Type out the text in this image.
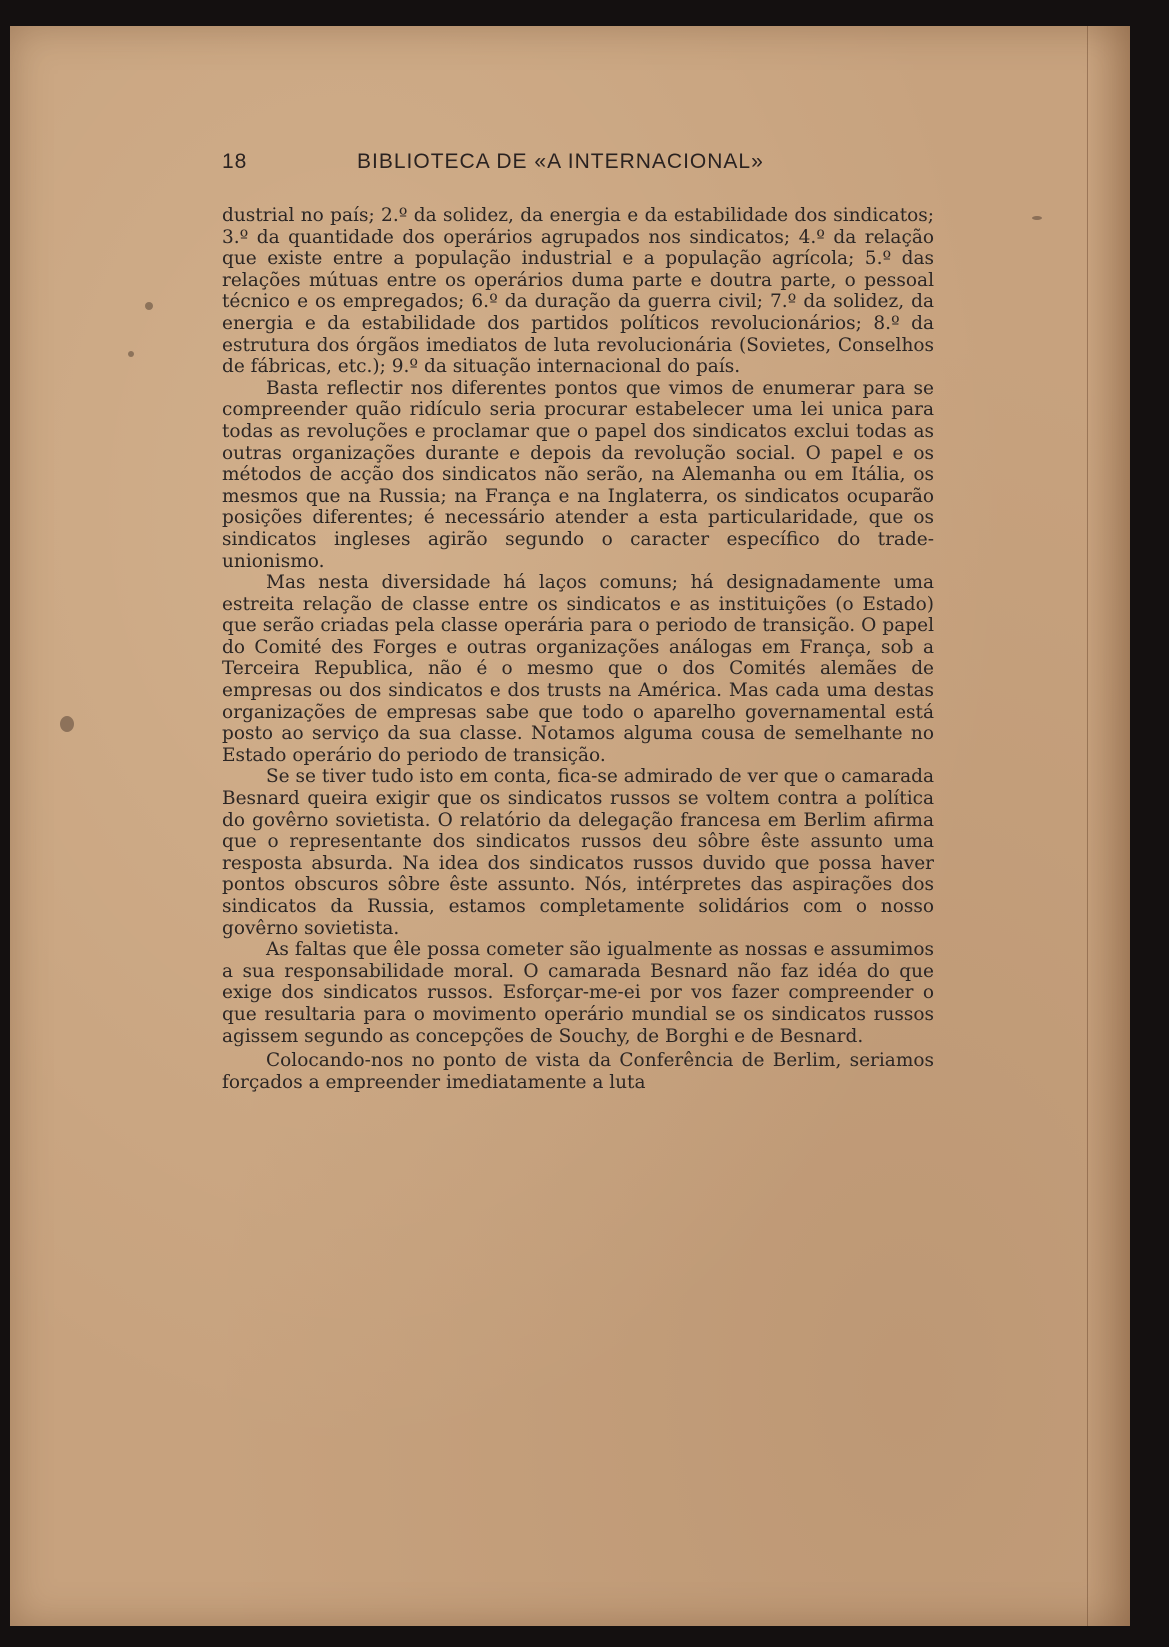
18	BIBLIOTECA DE «A INTERNACIONAL»

dustrial no país; 2.º da solidez, da energia e da estabilidade dos sindicatos; 3.º da quantidade dos operários agrupados nos sindicatos; 4.º da relação que existe entre a população industrial e a população agrícola; 5.º das relações mútuas entre os operários duma parte e doutra parte, o pessoal técnico e os empregados; 6.º da duração da guerra civil; 7.º da solidez, da energia e da estabilidade dos partidos políticos revolucionários; 8.º da estrutura dos órgãos imediatos de luta revolucionária (Sovietes, Conselhos de fábricas, etc.); 9.º da situação internacional do país.

Basta reflectir nos diferentes pontos que vimos de enumerar para se compreender quão ridículo seria procurar estabelecer uma lei unica para todas as revoluções e proclamar que o papel dos sindicatos exclui todas as outras organizações durante e depois da revolução social. O papel e os métodos de acção dos sindicatos não serão, na Alemanha ou em Itália, os mesmos que na Russia; na França e na Inglaterra, os sindicatos ocuparão posições diferentes; é necessário atender a esta particularidade, que os sindicatos ingleses agirão segundo o caracter específico do trade-unionismo.

Mas nesta diversidade há laços comuns; há designadamente uma estreita relação de classe entre os sindicatos e as instituições (o Estado) que serão criadas pela classe operária para o periodo de transição. O papel do Comité des Forges e outras organizações análogas em França, sob a Terceira Republica, não é o mesmo que o dos Comités alemães de empresas ou dos sindicatos e dos trusts na América. Mas cada uma destas organizações de empresas sabe que todo o aparelho governamental está posto ao serviço da sua classe. Notamos alguma cousa de semelhante no Estado operário do periodo de transição.

Se se tiver tudo isto em conta, fica-se admirado de ver que o camarada Besnard queira exigir que os sindicatos russos se voltem contra a política do govêrno sovietista. O relatório da delegação francesa em Berlim afirma que o representante dos sindicatos russos deu sôbre êste assunto uma resposta absurda. Na idea dos sindicatos russos duvido que possa haver pontos obscuros sôbre êste assunto. Nós, intérpretes das aspirações dos sindicatos da Russia, estamos completamente solidários com o nosso govêrno sovietista.

As faltas que êle possa cometer são igualmente as nossas e assumimos a sua responsabilidade moral. O camarada Besnard não faz idéa do que exige dos sindicatos russos. Esforçar-me-ei por vos fazer compreender o que resultaria para o movimento operário mundial se os sindicatos russos agissem segundo as concepções de Souchy, de Borghi e de Besnard.

Colocando-nos no ponto de vista da Conferência de Berlim, seriamos forçados a empreender imediatamente a luta
